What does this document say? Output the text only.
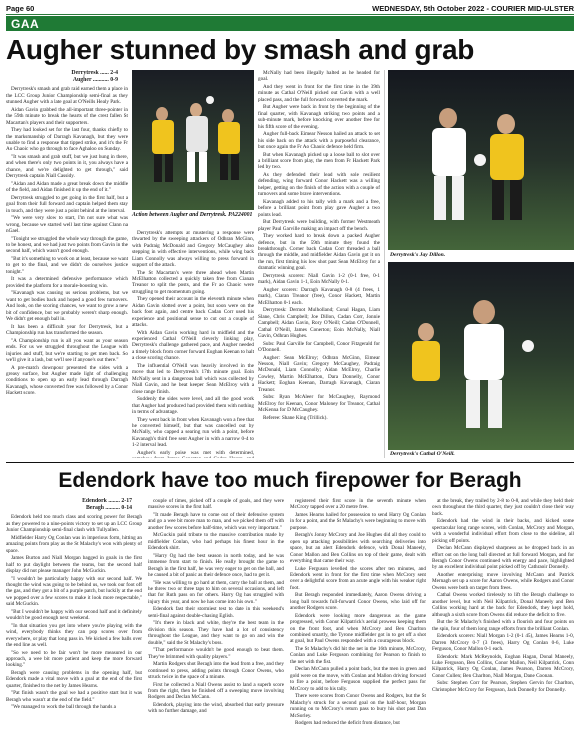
Page 60	WEDNESDAY, 5th October 2022 - COURIER MID-ULSTER
GAA
Augher stunned by smash and grab
Derrytresk ...... 2-4
Augher ........... 0-9

Derrytresk's smash and grab raid earned them a place in the LCC Group Junior Championship semi-final as they stunned Augher with a late goal at O'Neills Healy Park.

Aidan Gavin grabbed the all-important three-pointer in the 59th minute to break the hearts of the crest fallen St Macartan's players and their supporters.

They had looked set for the last four, thanks chiefly to the marksmanship of Darragh Kavanagh, but they were unable to find a response that tipped strike, and it's the Fr Ao Chaoic who go through to face Aghaloo on Sunday.

"It was smash and grab stuff, but we just hung in there, and when there's only two points in it, you always have a chance, and we're delighted to get through," said Derrytresk captain Niall Cassidy.

"Aidan and Aidan made a great break down the middle of the field, and Aidan finished it up the end of it."

Derrytresk struggled to get going in the first half, but a goal from their full forward and captain helped them stay in touch, and they were just a point behind at the interval.

"We were very slow to start, I'm not sure what was wrong, because we started well last time against Clann na nGael.

"Tonight we struggled the whole way through the game, to be honest, and we had just two points from Gavin in the second half, which wasn't good enough.

"But it's something to work on at least, because we want to get to the final, and we didn't do ourselves justice tonight."

It was a determined defensive performance which provided the platform for a morale-boosting win.

"Kavanagh was causing us serious problems, but we want to get bodies back and hoped a good few turnovers. And look, on the scoring chances, we want to grow a new bit of confidence, but we probably weren't sharp enough. We didn't get enough ball in.

It has been a difficult year for Derrytresk, but a Championship run has transformed the season.

"A Championship run is all you want as your season ends. For us we struggled throughout the League with injuries and stuff, but we're starting to get men back. So we'll give it a lash, but we'll see if anyone's out there."

A pre-match downpour presented the sides with a greasy surface, but Augher made light of challenging conditions to open up an early lead through Darragh Kavanagh, whose converted free was followed by a Conor Hackett score.

Action between Augher and Derrytresk. PA224001

Derrytresk's attempts at mustering a response were thwarted by the sweeping attackers of Odhran McGinn, with Padraig McDonald and Gregory McCaughey also stepping in with effective interventions, while wing back Liam Connolly was always willing to press forward in support of the attack.

The St Macartan's were three ahead when Martin McElhatton collected a quickly taken free from Cianan Treanor to split the posts, and the Fr ao Chaoic were struggling to get momentum going.

They opened their account in the eleventh minute when Aidan Gavin slotted over a point, but soon were on the back foot again, and centre back Cadan Corr used his experience and positional sense to cut out a couple of attacks.

With Aidan Gavin working hard in midfield and the experienced Cathal O'Neill cleverly linking play, Derrytresk's challenge gathered pace, and Augher needed a timely block from corner forward Eoghan Keenan to halt a close scoring chance.

The influential O'Neill was heavily involved in the move that led to Derrytresk's 17th minute goal. Eoin McNally sent in a dangerous ball which was collected by Niall Gavin, and he beat keeper Sean McElroy with a close range finish.

Suddenly the sides were level, and all the good work that Augher had produced had provided them with nothing in terms of advantage.

They went back in front when Kavanagh won a free that he converted himself, but that was cancelled out by McNally, who capped a searing run with a point, before Kavanagh's third free sent Augher in with a narrow 0-4 to 1-2 interval lead.

Augher's early poise was met with determined,

McNally had been illegally halted as he headed for goal.

And they went in front for the first time in the 39th minute as Cathal O'Neill picked out Gavin with a well placed pass, and the full forward converted the mark.

But Augher were back in front by the beginning of the final quarter, with Kavanagh striking two points and a sub-minute mark, before knocking over another free for his fifth score of the evening.

Augher full-back Eimear Nesson hailed an attack to set his side back on the attack with a purposeful clearance, but once again the Fr Ao Chaoic defence held firm.

But when Kavanagh picked up a loose ball to slot over a brilliant score from play, the men from Fr Hackett Park led by two.

As they defended their lead with sole resilient defending, wing forward Conor Hackett was a willing helper, getting on the finish of the action with a couple of turnovers and some brave interventions.

Kavanagh added to his tally with a mark and a free, before a brilliant point from play gave Augher a two points lead.

But Derrytresk were building, with former Westmeath player Paul Garville making an impact off the bench.

They worked hard to break down a packed Augher defence, but in the 59th minute they found the breakthrough. Corner back Cadan Corr threaded a ball through the middle, and midfielder Aidan Gavin got it on the run, first timing his low shot past Sean McElroy for a dramatic winning goal.

Derrytresk scorers: Niall Gavin 1-2 (0-1 free, 0-1 mark), Aidan Gavin 1-1, Eoin McNally 0-1.

Augher scorers: Darragh Kavanagh 0-8 (4 frees, 1 mark), Ciaran Treanor (free), Conor Hackett, Martin McElhatton 0-1 each.

Derrytresk: Dermot Mulholland; Conal Hagan, Liam Slane, Chris Campbell; Joe Dillon, Cadan Corr, Jonnie Campbell; Aidan Gavin, Rory O'Neill; Cadan O'Donnell, Cathal O'Neill, James Conerton; Eoin McNally, Niall Gavin, Odhran Hughes.

Subs: Paul Garville for Campbell, Conor Fitzgerald for O'Donnell.

Augher: Sean McElroy; Odhran McGinn, Eimear Nesson, Niall Gavin; Gregory McCaughey, Padraig McDonald, Liam Connolly; Aidan McElroy, Charlie Cowley, Martin McElhatton, Dara Donnelly, Conor Hackett; Eoghan Keenan, Darragh Kavanagh, Ciaran Treanor.

Subs: Ryan McAleer for McCaughey, Raymond McElroy for Keenan, Conor Maloney for Treanor, Cathal McKenna for D McCaughey.

Referee: Shane King (Trillick).

Derrytresk's Jay Dillon.
Derrytresk's Cathal O'Neill.
Edendork have too much firepower for Beragh
Edendork ........ 2-17
Beragh .......... 0-14

Edendork held too much class and scoring power for Beragh as they powered to a nine-points victory to set up an LCC Group Junior Championship semi-final clash with Tullyallen.

Midfielder Harry Og Conlan was in imperious form, hitting an amazing points from play as the St Malachy's won with plenty of space.

James Burton and Niall Morgan bagged in goals in the first half to put daylight between the teams, but the second half display did not please manager John McGuckin.

"I wouldn't be particularly happy with our second half. We thought the wind was going to be behind us, we took our foot off the gas, and they got a bit of a purple patch, but luckily at the end we popped over a few scores to make it look more respectable," said McGuckin.

"But I wouldn't be happy with our second half and it definitely wouldn't be good enough next weekend.

"In that situation you get into where you're playing with the wind, everybody thinks they can pop scores over from everywhere, or play that long pass in. We kicked a few balls over the end line as well.

"So we need to be fair won't be more measured in our approach, a wee bit more patient and keep the more forward looking."

Beragh were causing problems in the opening half, but Edendork made a vital move with a goal at the end of the first quarter, finished to the net by James Hearns.

"Pat finish wasn't the goal we had a positive start but it was Beragh who wasn't at the end of the field."

"We managed to work the ball through the hands a

couple of times, picked off a couple of goals, and they were massive scores in the first half.

"It made Beragh have to come out of their defensive system and go a wee bit more man to man, and we picked them off with another few scores before half-time, which was very important."

McGuckin paid tribute to the massive contribution made by midfielder Conlan, who had perhaps his finest hour in the Edendork shirt.

"Harry Og had the best season in north today, and he was immense from start to finish. He really brought the game to Beragh in the first half, he was very eager to get on the ball, and he caused a bit of panic as their defence once, had to get it.

"He was willing to go hard at them, carry the ball at them, and he threw two or three taps to him on several occasions, and left that for Ruth pass on for others. Harry Og has struggled with injury this year, and now he has come into his own."

Edendork fast their stormiest test to date in this weekend's semi-final against double-chasing Eglish.

"It's there in black and white, they're the best team in the division this season. They have had a lot of consistency throughout the League, and they want to go on and win the double," said the St Malachy's boss.

"That performance wouldn't be good enough to beat them. They've brimmed with quality players."

Martin Rodgers shot Beragh into the lead from a free, and they continued to press, adding points through Conor Owens, who struck twice in the space of a minute.

First he collected a Niall Owens assist to land a superb score from the right, then he finished off a sweeping move involving Rodgers and Declan McCann.

Edendork, playing into the wind, absorbed that early pressure with no further damage, and

registered their first score in the seventh minute when McCrory tapped over a 20 metre free.

James Hearns hailed for possession to send Harry Og Conlan in for a point, and the St Malachy's were beginning to move with purpose.

Beragh's Jonny McCrory and Joe Hughes did all they could to open up attacking possibilities with searching deliveries into space, but an alert Edendork defence, with Donal Maneely, Conor Mallon and Ben Collins on top of their game, dealt with everything that came their way.

Luke Ferguson levelled the scores after ten minutes, and Edendork went in front for the first time when McCrory sent over a delightful score from an acute angle with his weaker right foot.

But Beragh responded immediately, Aaron Owens driving a long ball towards full-forward Conor Owens, who laid off for another Rodgers score.

Edendork were looking more dangerous as the game progressed, with Conor Kilpatrick's aerial prowess keeping them on the front foot, and when McCrory and Ben Charlton combined smartly, the Tyrone midfielder got in to get off a shot at goal, but Paul Owens responded with a courageous block.

The St Malachy's did hit the net in the 16th minute, McCrory, Conlan and Luke Ferguson combining for Pearson to finish to the net with the fist.

Declan McCann pulled a point back, but the men in green and gold were on the move, with Conlan and Mallon driving forward to fire a point, before Ferguson supplied the perfect pass for McCrory to add to his tally.

There were scores from Conor Owens and Rodgers, but the St Malachy's struck for a second goal on the half-hour, Morgan running on to McCrory's return pass to bury his shot past Dan McSorley.

Rodgers had reduced the deficit from distance, but

at the break, they trailed by 2-8 to 0-8, and while they held their own throughout the third quarter, they just couldn't close their way back.

Edendork had the wind in their backs, and kicked some spectacular long range scores, with Conlan, McCrory and Morgan, with a wonderful individual effort from close to the sideline, all picking off points.

Declan McCann displayed sharpness as he dropped back in an effort out on the long ball directed at full forward Morgan, and for Beragh Conor Owens continued with energy and pace, highlighted by an excellent individual point picked off by Cathraoir Donnelly.

Another enterprising move involving McCann and Patrick Mernagh set up a score for Aaron Owens, while Rodgers and Conor Owens were both on target from frees.

Cathal Owens worked tirelessly to lift the Beragh challenge to another level, but with Neil Kilpatrick, Donal Maneely and Ben Collins working hard at the back for Edendork, they kept hold, although a sixth score from Owens did reduce the deficit to five.

But the St Malachy's finished with a flourish and four points on the spin, four of them long range efforts from the brilliant Conlan.

Edendork scorers: Niall Morgan 1-2 (0-1 45), James Hearns 1-0, Darren McCrory 0-7 (3 frees), Harry Og Conlan 0-6, Luke Ferguson, Conor Mallon 0-1 each.

Edendork: Mark McReynolds, Eoghan Hagan, Donal Maneely, Luke Ferguson, Ben Collins, Conor Mallon, Neil Kilpatrick, Conn Kilpatrick, Harry Og Conlan, James Pearson, Darren McCrory, Conor Cullen; Ben Charlton, Niall Morgan, Dane Coonan.

Subs: Stephen Corr for Pearson, Stephen Gervin for Charlton, Christopher McCrory for Ferguson, Jack Donnelly for Donnelly.
